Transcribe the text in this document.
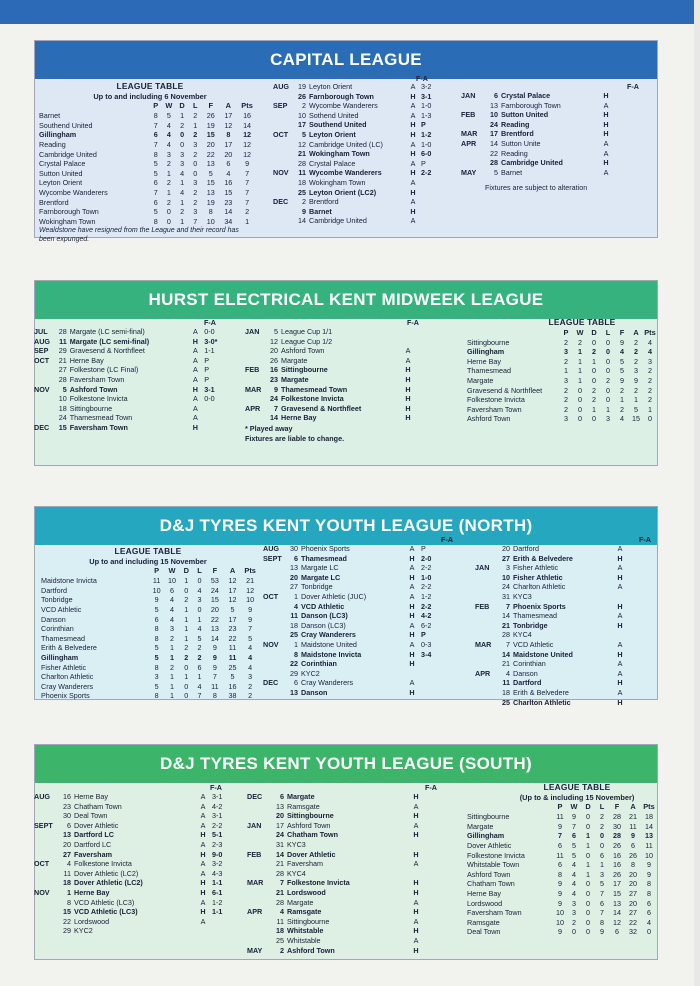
CAPITAL LEAGUE
LEAGUE TABLE
Up to and including 6 November
	P	W	D	L	F	A	Pts
Barnet	8	5	1	2	26	17	16
Southend United	7	4	2	1	19	12	14
Gillingham	6	4	0	2	15	8	12
Reading	7	4	0	3	20	17	12
Cambridge United	8	3	3	2	22	20	12
Crystal Palace	5	2	3	0	13	6	9
Sutton United	5	1	4	0	5	4	7
Leyton Orient	6	2	1	3	15	16	7
Wycombe Wanderers	7	1	4	2	13	15	7
Brentford	6	2	1	2	19	23	7
Farnborough Town	5	0	2	3	8	14	2
Wokingham Town	8	0	1	7	10	34	1
Wealdstone have resigned from the League and their record has been expunged.
F-A
AUG	19	Leyton Orient	A	3-2
	26	Farnborough Town	H	3-1
SEP	2	Wycombe Wanderers	A	1-0
	10	Sothend United	A	1-3
	17	Southend United	H	P
OCT	5	Leyton Orient	H	1-2
	12	Cambridge United (LC)	A	1-0
	21	Wokingham Town	H	6-0
	28	Crystal Palace	A	P
NOV	11	Wycombe Wanderers	H	2-2
	18	Wokingham Town	A	
	25	Leyton Orient (LC2)	H	
DEC	2	Brentford	A	
	9	Barnet	H	
	14	Cambridge United	A	
F-A
JAN	6	Crystal Palace	H	
	13	Farnborough Town	A	
FEB	10	Sutton United	H	
	24	Reading	H	
MAR	17	Brentford	H	
APR	14	Sutton Unite	A	
	22	Reading	A	
	28	Cambridge United	H	
MAY	5	Barnet	A	
Fixtures are subject to alteration
HURST ELECTRICAL KENT MIDWEEK LEAGUE
F-A
JUL	28	Margate (LC semi-final)	A	0-0
AUG	11	Margate (LC semi-final)	H	3-0*
SEP	29	Gravesend & Northfleet	A	1-1
OCT	21	Herne Bay	A	P
	27	Folkestone (LC Final)	A	P
	28	Faversham Town	A	P
NOV	5	Ashford Town	H	3-1
	10	Folkestone Invicta	A	0-0
	18	Sittingbourne	A	
	24	Thamesmead Town	A	
DEC	15	Faversham Town	H	
F-A
JAN	5	League Cup 1/1		
	12	League Cup 1/2		
	20	Ashford Town	A	
	26	Margate	A	
FEB	16	Sittingbourne	H	
	23	Margate	H	
MAR	9	Thamesmead Town	H	
	24	Folkestone Invicta	H	
APR	7	Gravesend & Northfleet	H	
	14	Herne Bay	H	
* Played away
Fixtures are liable to change.
LEAGUE TABLE
	P	W	D	L	F	A	Pts
Sittingbourne	2	2	0	0	9	2	4
Gillingham	3	1	2	0	4	2	4
Herne Bay	2	1	1	0	5	2	3
Thamesmead	1	1	0	0	5	3	2
Margate	3	1	0	2	9	9	2
Gravesend & Northfleet	2	0	2	0	2	2	2
Folkestone Invicta	2	0	2	0	1	1	2
Faversham Town	2	0	1	1	2	5	1
Ashford Town	3	0	0	3	4	15	0
D&J TYRES KENT YOUTH LEAGUE (NORTH)
LEAGUE TABLE
Up to and including 15 November
	P	W	D	L	F	A	Pts
Maidstone Invicta	11	10	1	0	53	12	21
Dartford	10	6	0	4	24	17	12
Tonbridge	9	4	2	3	15	12	10
VCD Athletic	5	4	1	0	20	5	9
Danson	6	4	1	1	22	17	9
Corinthian	8	3	1	4	13	23	7
Thamesmead	8	2	1	5	14	22	5
Erith & Belvedere	5	1	2	2	9	11	4
Gillingham	5	1	2	2	9	11	4
Fisher Athletic	8	2	0	6	9	25	4
Charlton Athletic	3	1	1	1	7	5	3
Cray Wanderers	5	1	0	4	11	16	2
Phoenix Sports	8	1	0	7	8	38	2
F-A
AUG	30	Phoenix Sports	A	P
SEPT	6	Thamesmead	H	2-0
	13	Margate LC	A	2-2
	20	Margate LC	H	1-0
	27	Tonbridge	A	2-2
OCT	1	Dover Athletic (JUC)	A	1-2
	4	VCD Athletic	H	2-2
	11	Danson (LC3)	H	4-2
	18	Danson (LC3)	A	6-2
	25	Cray Wanderers	H	P
NOV	1	Maidstone United	A	0-3
	8	Maidstone Invicta	H	3-4
	22	Corinthian	H	
	29	KYC2		
DEC	6	Cray Wanderers	A	
	13	Danson	H	
F-A
	20	Dartford	A	
	27	Erith & Belvedere	H	
JAN	3	Fisher Athletic	A	
	10	Fisher Athletic	H	
	24	Charlton Athletic	A	
	31	KYC3		
FEB	7	Phoenix Sports	H	
	14	Thamesmead	A	
	21	Tonbridge	H	
	28	KYC4		
MAR	7	VCD Athletic	A	
	14	Maidstone United	H	
	21	Corinthian	A	
APR	4	Danson	A	
	11	Dartford	H	
	18	Erith & Belvedere	A	
	25	Charlton Athletic	H	
D&J TYRES KENT YOUTH LEAGUE (SOUTH)
F-A
AUG	16	Herne Bay	A	3-1
	23	Chatham Town	A	4-2
	30	Deal Town	A	3-1
SEPT	6	Dover Athletic	A	2-2
	13	Dartford LC	H	5-1
	20	Dartford LC	A	2-3
	27	Faversham	H	9-0
OCT	4	Folkestone Invicta	A	3-2
	11	Dover Athletic (LC2)	A	4-3
	18	Dover Athletic (LC2)	H	1-1
NOV	1	Herne Bay	H	6-1
	8	VCD Athletic (LC3)	A	1-2
	15	VCD Athletic (LC3)	H	1-1
	22	Lordswood	A	
	29	KYC2		
F-A
DEC	6	Margate	H	
	13	Ramsgate	A	
	20	Sittingbourne	H	
JAN	17	Ashford Town	A	
	24	Chatham Town	H	
	31	KYC3		
FEB	14	Dover Athletic	H	
	21	Faversham	A	
	28	KYC4		
MAR	7	Folkestone Invicta	H	
	21	Lordswood	H	
	28	Margate	A	
APR	4	Ramsgate	H	
	11	Sittingbourne	A	
	18	Whitstable	H	
	25	Whitstable	A	
MAY	2	Ashford Town	H	
LEAGUE TABLE
(Up to & including 15 November)
	P	W	D	L	F	A	Pts
Sittingbourne	11	9	0	2	28	21	18
Margate	9	7	0	2	30	11	14
Gillingham	7	6	1	0	28	9	13
Dover Athletic	6	5	1	0	26	6	11
Folkestone Invicta	11	5	0	6	16	26	10
Whitstable Town	6	4	1	1	16	8	9
Ashford Town	8	4	1	3	26	20	9
Chatham Town	9	4	0	5	17	20	8
Herne Bay	9	4	0	7	15	27	8
Lordswood	9	3	0	6	13	20	6
Faversham Town	10	3	0	7	14	27	6
Ramsgate	10	2	0	8	12	22	4
Deal Town	9	0	0	9	6	32	0
